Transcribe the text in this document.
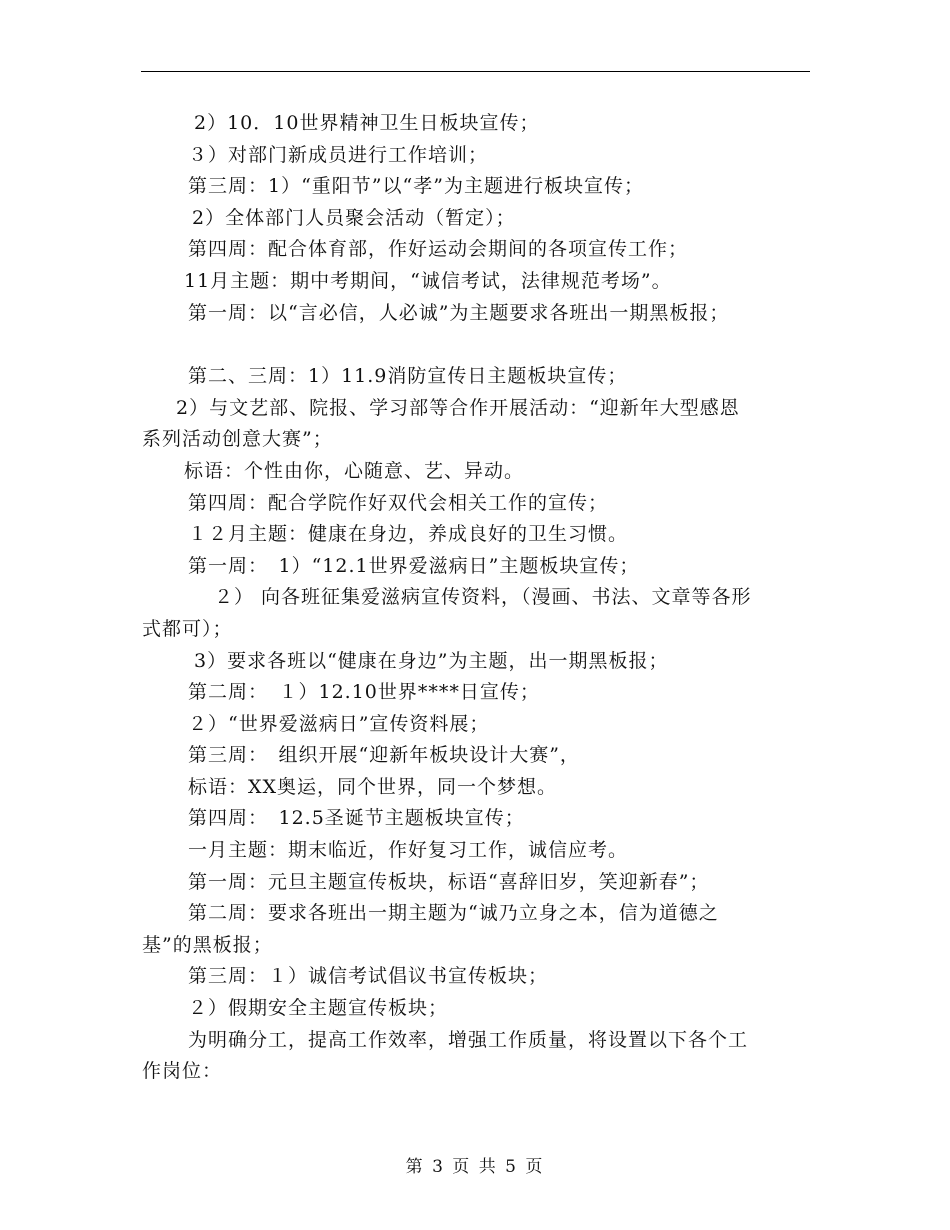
2）10．10世界精神卫生日板块宣传；
３）对部门新成员进行工作培训；
第三周：1）“重阳节”以“孝”为主题进行板块宣传；
2）全体部门人员聚会活动（暂定）；
第四周：配合体育部，作好运动会期间的各项宣传工作；
11月主题：期中考期间，“诚信考试，法律规范考场”。
第一周：以“言必信，人必诚”为主题要求各班出一期黑板报；
第二、三周：1）11.9消防宣传日主题板块宣传；
2）与文艺部、院报、学习部等合作开展活动：“迎新年大型感恩
系列活动创意大赛”；
标语：个性由你，心随意、艺、异动。
第四周：配合学院作好双代会相关工作的宣传；
１２月主题：健康在身边，养成良好的卫生习惯。
第一周：　1）“12.1世界爱滋病日”主题板块宣传；
２） 向各班征集爱滋病宣传资料，（漫画、书法、文章等各形
式都可）；
3）要求各班以“健康在身边”为主题，出一期黑板报；
第二周：　１）12.10世界****日宣传；
２）“世界爱滋病日”宣传资料展；
第三周：　组织开展“迎新年板块设计大赛”，
标语：XX奥运，同个世界，同一个梦想。
第四周：　12.5圣诞节主题板块宣传；
一月主题：期末临近，作好复习工作，诚信应考。
第一周：元旦主题宣传板块，标语“喜辞旧岁，笑迎新春”；
第二周：要求各班出一期主题为“诚乃立身之本，信为道德之
基”的黑板报；
第三周：１）诚信考试倡议书宣传板块；
２）假期安全主题宣传板块；
为明确分工，提高工作效率，增强工作质量，将设置以下各个工
作岗位：
第 3 页 共 5 页
